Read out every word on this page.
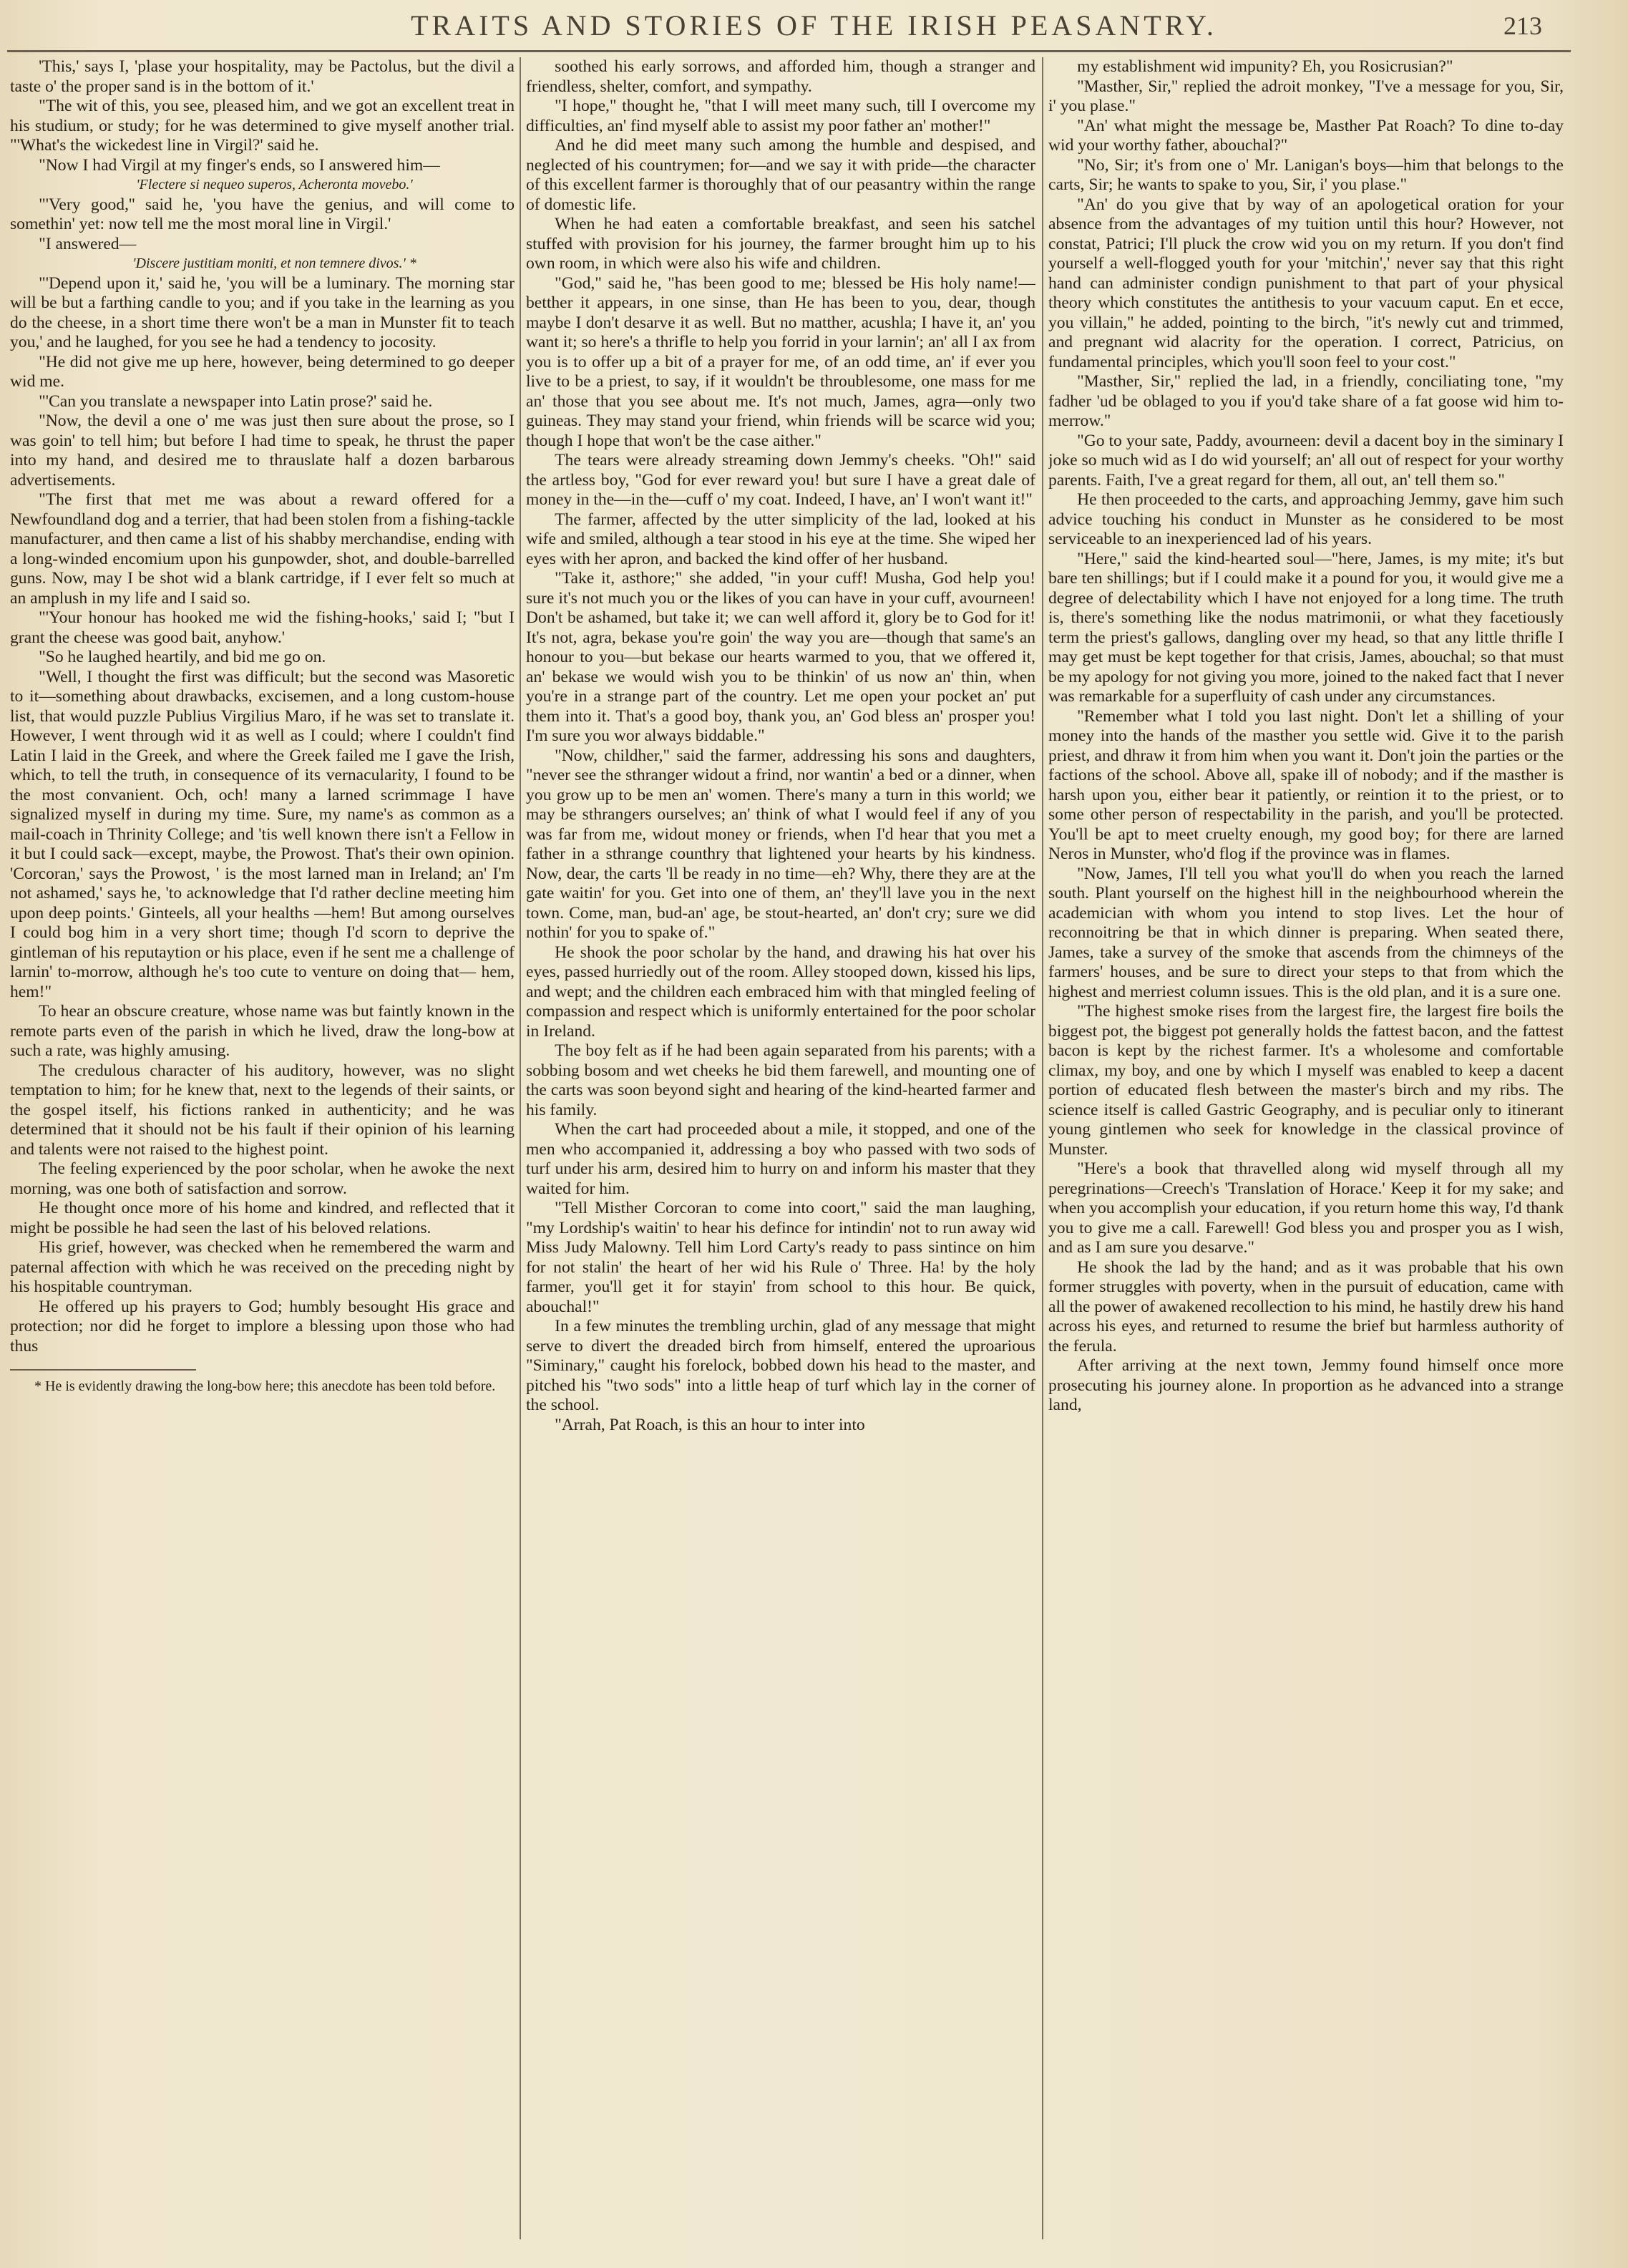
TRAITS AND STORIES OF THE IRISH PEASANTRY.	213

'This,' says I, 'plase your hospitality, may be Pactolus, but the divil a taste o' the proper sand is in the bottom of it.'

"The wit of this, you see, pleased him, and we got an excellent treat in his studium, or study; for he was determined to give myself another trial. "'What's the wickedest line in Virgil?' said he.

"Now I had Virgil at my finger's ends, so I answered him—

'Flectere si nequeo superos, Acheronta movebo.'

"'Very good,'' said he, 'you have the genius, and will come to somethin' yet: now tell me the most moral line in Virgil.'

"I answered—

'Discere justitiam moniti, et non temnere divos.' *

"'Depend upon it,' said he, 'you will be a luminary. The morning star will be but a farthing candle to you; and if you take in the learning as you do the cheese, in a short time there won't be a man in Munster fit to teach you,' and he laughed, for you see he had a tendency to jocosity.

"He did not give me up here, however, being determined to go deeper wid me.

"'Can you translate a newspaper into Latin prose?' said he.

"Now, the devil a one o' me was just then sure about the prose, so I was goin' to tell him; but before I had time to speak, he thrust the paper into my hand, and desired me to thrauslate half a dozen barbarous advertisements.

"The first that met me was about a reward offered for a Newfoundland dog and a terrier, that had been stolen from a fishing-tackle manufacturer, and then came a list of his shabby merchandise, ending with a long-winded encomium upon his gunpowder, shot, and double-barrelled guns. Now, may I be shot wid a blank cartridge, if I ever felt so much at an amplush in my life and I said so.

"'Your honour has hooked me wid the fishing-hooks,' said I; "but I grant the cheese was good bait, anyhow.'

"So he laughed heartily, and bid me go on.

"Well, I thought the first was difficult; but the second was Masoretic to it—something about drawbacks, excisemen, and a long custom-house list, that would puzzle Publius Virgilius Maro, if he was set to translate it. However, I went through wid it as well as I could; where I couldn't find Latin I laid in the Greek, and where the Greek failed me I gave the Irish, which, to tell the truth, in consequence of its vernacularity, I found to be the most convanient. Och, och! many a larned scrimmage I have signalized myself in during my time. Sure, my name's as common as a mail-coach in Thrinity College; and 'tis well known there isn't a Fellow in it but I could sack—except, maybe, the Prowost. That's their own opinion. 'Corcoran,' says the Prowost, ' is the most larned man in Ireland; an' I'm not ashamed,' says he, 'to acknowledge that I'd rather decline meeting him upon deep points.' Ginteels, all your healths —hem! But among ourselves I could bog him in a very short time; though I'd scorn to deprive the gintleman of his reputaytion or his place, even if he sent me a challenge of larnin' to-morrow, although he's too cute to venture on doing that— hem, hem!"

To hear an obscure creature, whose name was but faintly known in the remote parts even of the parish in which he lived, draw the long-bow at such a rate, was highly amusing.

The credulous character of his auditory, however, was no slight temptation to him; for he knew that, next to the legends of their saints, or the gospel itself, his fictions ranked in authenticity; and he was determined that it should not be his fault if their opinion of his learning and talents were not raised to the highest point.

The feeling experienced by the poor scholar, when he awoke the next morning, was one both of satisfaction and sorrow.

He thought once more of his home and kindred, and reflected that it might be possible he had seen the last of his beloved relations.

His grief, however, was checked when he remembered the warm and paternal affection with which he was received on the preceding night by his hospitable countryman.

He offered up his prayers to God; humbly besought His grace and protection; nor did he forget to implore a blessing upon those who had thus

* He is evidently drawing the long-bow here; this anecdote has been told before.

soothed his early sorrows, and afforded him, though a stranger and friendless, shelter, comfort, and sympathy.

"I hope," thought he, "that I will meet many such, till I overcome my difficulties, an' find myself able to assist my poor father an' mother!"

And he did meet many such among the humble and despised, and neglected of his countrymen; for—and we say it with pride—the character of this excellent farmer is thoroughly that of our peasantry within the range of domestic life.

When he had eaten a comfortable breakfast, and seen his satchel stuffed with provision for his journey, the farmer brought him up to his own room, in which were also his wife and children.

"God," said he, "has been good to me; blessed be His holy name!—betther it appears, in one sinse, than He has been to you, dear, though maybe I don't desarve it as well. But no matther, acushla; I have it, an' you want it; so here's a thrifle to help you forrid in your larnin'; an' all I ax from you is to offer up a bit of a prayer for me, of an odd time, an' if ever you live to be a priest, to say, if it wouldn't be throublesome, one mass for me an' those that you see about me. It's not much, James, agra—only two guineas. They may stand your friend, whin friends will be scarce wid you; though I hope that won't be the case aither."

The tears were already streaming down Jemmy's cheeks. "Oh!" said the artless boy, "God for ever reward you! but sure I have a great dale of money in the—in the—cuff o' my coat. Indeed, I have, an' I won't want it!"

The farmer, affected by the utter simplicity of the lad, looked at his wife and smiled, although a tear stood in his eye at the time. She wiped her eyes with her apron, and backed the kind offer of her husband.

"Take it, asthore;" she added, "in your cuff! Musha, God help you! sure it's not much you or the likes of you can have in your cuff, avourneen! Don't be ashamed, but take it; we can well afford it, glory be to God for it! It's not, agra, bekase you're goin' the way you are—though that same's an honour to you—but bekase our hearts warmed to you, that we offered it, an' bekase we would wish you to be thinkin' of us now an' thin, when you're in a strange part of the country. Let me open your pocket an' put them into it. That's a good boy, thank you, an' God bless an' prosper you! I'm sure you wor always biddable."

"Now, childher," said the farmer, addressing his sons and daughters, "never see the sthranger widout a frind, nor wantin' a bed or a dinner, when you grow up to be men an' women. There's many a turn in this world; we may be sthrangers ourselves; an' think of what I would feel if any of you was far from me, widout money or friends, when I'd hear that you met a father in a sthrange counthry that lightened your hearts by his kindness. Now, dear, the carts 'll be ready in no time—eh? Why, there they are at the gate waitin' for you. Get into one of them, an' they'll lave you in the next town. Come, man, bud-an' age, be stout-hearted, an' don't cry; sure we did nothin' for you to spake of."

He shook the poor scholar by the hand, and drawing his hat over his eyes, passed hurriedly out of the room. Alley stooped down, kissed his lips, and wept; and the children each embraced him with that mingled feeling of compassion and respect which is uniformly entertained for the poor scholar in Ireland.

The boy felt as if he had been again separated from his parents; with a sobbing bosom and wet cheeks he bid them farewell, and mounting one of the carts was soon beyond sight and hearing of the kind-hearted farmer and his family.

When the cart had proceeded about a mile, it stopped, and one of the men who accompanied it, addressing a boy who passed with two sods of turf under his arm, desired him to hurry on and inform his master that they waited for him.

"Tell Misther Corcoran to come into coort," said the man laughing, "my Lordship's waitin' to hear his defince for intindin' not to run away wid Miss Judy Malowny. Tell him Lord Carty's ready to pass sintince on him for not stalin' the heart of her wid his Rule o' Three. Ha! by the holy farmer, you'll get it for stayin' from school to this hour. Be quick, abouchal!"

In a few minutes the trembling urchin, glad of any message that might serve to divert the dreaded birch from himself, entered the uproarious "Siminary," caught his forelock, bobbed down his head to the master, and pitched his "two sods" into a little heap of turf which lay in the corner of the school.

"Arrah, Pat Roach, is this an hour to inter into

my establishment wid impunity? Eh, you Rosicrusian?"

"Masther, Sir," replied the adroit monkey, "I've a message for you, Sir, i' you plase."

"An' what might the message be, Masther Pat Roach? To dine to-day wid your worthy father, abouchal?"

"No, Sir; it's from one o' Mr. Lanigan's boys—him that belongs to the carts, Sir; he wants to spake to you, Sir, i' you plase."

"An' do you give that by way of an apologetical oration for your absence from the advantages of my tuition until this hour? However, not constat, Patrici; I'll pluck the crow wid you on my return. If you don't find yourself a well-flogged youth for your 'mitchin',' never say that this right hand can administer condign punishment to that part of your physical theory which constitutes the antithesis to your vacuum caput. En et ecce, you villain," he added, pointing to the birch, "it's newly cut and trimmed, and pregnant wid alacrity for the operation. I correct, Patricius, on fundamental principles, which you'll soon feel to your cost."

"Masther, Sir," replied the lad, in a friendly, conciliating tone, "my fadher 'ud be oblaged to you if you'd take share of a fat goose wid him to-merrow."

"Go to your sate, Paddy, avourneen: devil a dacent boy in the siminary I joke so much wid as I do wid yourself; an' all out of respect for your worthy parents. Faith, I've a great regard for them, all out, an' tell them so."

He then proceeded to the carts, and approaching Jemmy, gave him such advice touching his conduct in Munster as he considered to be most serviceable to an inexperienced lad of his years.

"Here," said the kind-hearted soul—"here, James, is my mite; it's but bare ten shillings; but if I could make it a pound for you, it would give me a degree of delectability which I have not enjoyed for a long time. The truth is, there's something like the nodus matrimonii, or what they facetiously term the priest's gallows, dangling over my head, so that any little thrifle I may get must be kept together for that crisis, James, abouchal; so that must be my apology for not giving you more, joined to the naked fact that I never was remarkable for a superfluity of cash under any circumstances.

"Remember what I told you last night. Don't let a shilling of your money into the hands of the masther you settle wid. Give it to the parish priest, and dhraw it from him when you want it. Don't join the parties or the factions of the school. Above all, spake ill of nobody; and if the masther is harsh upon you, either bear it patiently, or reintion it to the priest, or to some other person of respectability in the parish, and you'll be protected. You'll be apt to meet cruelty enough, my good boy; for there are larned Neros in Munster, who'd flog if the province was in flames.

"Now, James, I'll tell you what you'll do when you reach the larned south. Plant yourself on the highest hill in the neighbourhood wherein the academician with whom you intend to stop lives. Let the hour of reconnoitring be that in which dinner is preparing. When seated there, James, take a survey of the smoke that ascends from the chimneys of the farmers' houses, and be sure to direct your steps to that from which the highest and merriest column issues. This is the old plan, and it is a sure one.

"The highest smoke rises from the largest fire, the largest fire boils the biggest pot, the biggest pot generally holds the fattest bacon, and the fattest bacon is kept by the richest farmer. It's a wholesome and comfortable climax, my boy, and one by which I myself was enabled to keep a dacent portion of educated flesh between the master's birch and my ribs. The science itself is called Gastric Geography, and is peculiar only to itinerant young gintlemen who seek for knowledge in the classical province of Munster.

"Here's a book that thravelled along wid myself through all my peregrinations—Creech's 'Translation of Horace.' Keep it for my sake; and when you accomplish your education, if you return home this way, I'd thank you to give me a call. Farewell! God bless you and prosper you as I wish, and as I am sure you desarve."

He shook the lad by the hand; and as it was probable that his own former struggles with poverty, when in the pursuit of education, came with all the power of awakened recollection to his mind, he hastily drew his hand across his eyes, and returned to resume the brief but harmless authority of the ferula.

After arriving at the next town, Jemmy found himself once more prosecuting his journey alone. In proportion as he advanced into a strange land,
